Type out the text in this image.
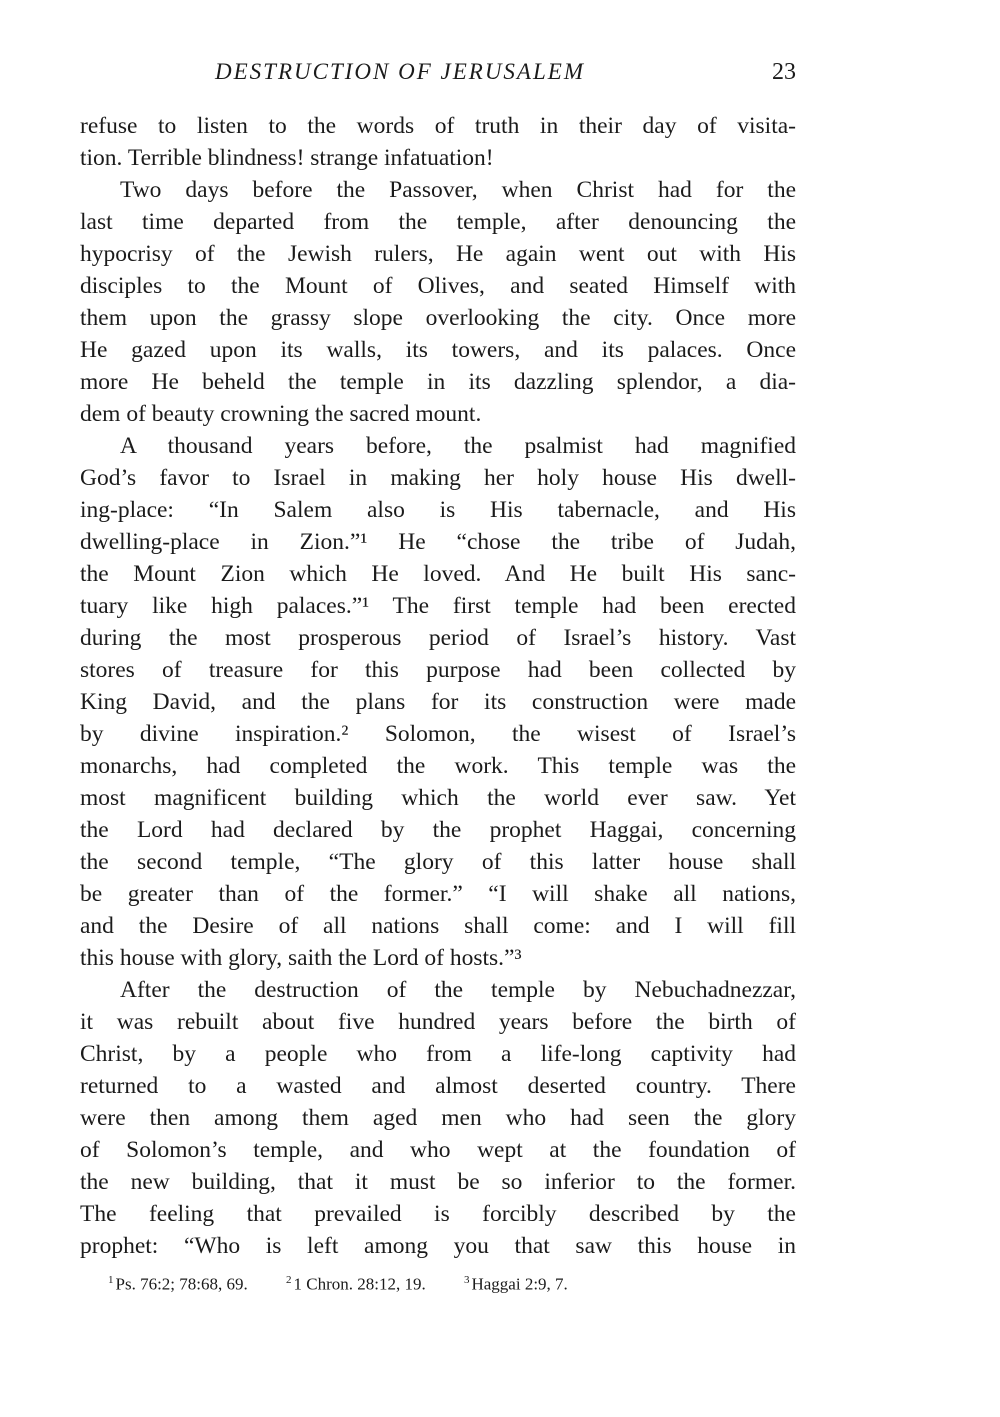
DESTRUCTION OF JERUSALEM	23
refuse to listen to the words of truth in their day of visita-
tion. Terrible blindness! strange infatuation!
Two days before the Passover, when Christ had for the
last time departed from the temple, after denouncing the
hypocrisy of the Jewish rulers, He again went out with His
disciples to the Mount of Olives, and seated Himself with
them upon the grassy slope overlooking the city. Once more
He gazed upon its walls, its towers, and its palaces. Once
more He beheld the temple in its dazzling splendor, a dia-
dem of beauty crowning the sacred mount.
A thousand years before, the psalmist had magnified
God’s favor to Israel in making her holy house His dwell-
ing-place: “In Salem also is His tabernacle, and His
dwelling-place in Zion.”¹ He “chose the tribe of Judah,
the Mount Zion which He loved. And He built His sanc-
tuary like high palaces.”¹ The first temple had been erected
during the most prosperous period of Israel’s history. Vast
stores of treasure for this purpose had been collected by
King David, and the plans for its construction were made
by divine inspiration.² Solomon, the wisest of Israel’s
monarchs, had completed the work. This temple was the
most magnificent building which the world ever saw. Yet
the Lord had declared by the prophet Haggai, concerning
the second temple, “The glory of this latter house shall
be greater than of the former.” “I will shake all nations,
and the Desire of all nations shall come: and I will fill
this house with glory, saith the Lord of hosts.”³
After the destruction of the temple by Nebuchadnezzar,
it was rebuilt about five hundred years before the birth of
Christ, by a people who from a life-long captivity had
returned to a wasted and almost deserted country. There
were then among them aged men who had seen the glory
of Solomon’s temple, and who wept at the foundation of
the new building, that it must be so inferior to the former.
The feeling that prevailed is forcibly described by the
prophet: “Who is left among you that saw this house in
$^1$ Ps. 76:2; 78:68, 69.	$^2$ 1 Chron. 28:12, 19.	$^3$ Haggai 2:9, 7.
